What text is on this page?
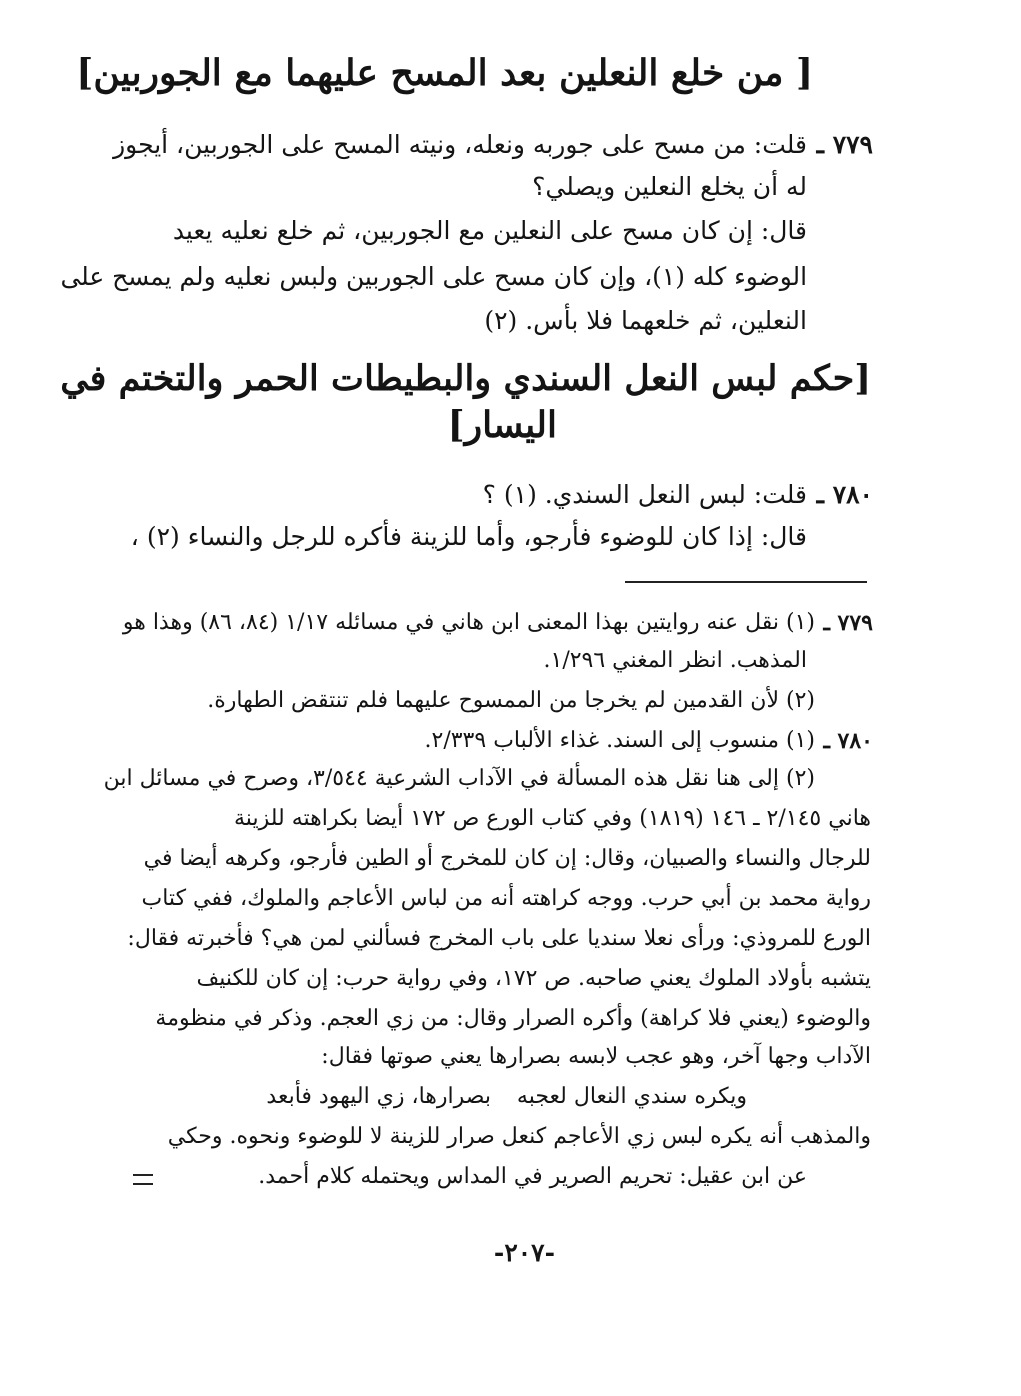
[ من خلع النعلين بعد المسح عليهما مع الجوربين]
٧٧٩ ـ
قلت: من مسح على جوربه ونعله، ونيته المسح على الجوربين، أيجوز
له أن يخلع النعلين ويصلي؟
قال: إن كان مسح على النعلين مع الجوربين، ثم خلع نعليه يعيد
الوضوء كله (١)، وإن كان مسح على الجوربين ولبس نعليه ولم يمسح على
النعلين، ثم خلعهما فلا بأس. (٢)
[حكم لبس النعل السندي والبطيطات الحمر والتختم في
اليسار]
٧٨٠ ـ
قلت: لبس النعل السندي. (١) ؟
قال: إذا كان للوضوء فأرجو، وأما للزينة فأكره للرجل والنساء (٢) ،
٧٧٩ ـ
(١) نقل عنه روايتين بهذا المعنى ابن هاني في مسائله ١/١٧ (٨٤، ٨٦) وهذا هو
المذهب. انظر المغني ١/٢٩٦.
(٢) لأن القدمين لم يخرجا من الممسوح عليهما فلم تنتقض الطهارة.
٧٨٠ ـ
(١) منسوب إلى السند. غذاء الألباب ٢/٣٣٩.
(٢) إلى هنا نقل هذه المسألة في الآداب الشرعية ٣/٥٤٤، وصرح في مسائل ابن
هاني ٢/١٤٥ ـ ١٤٦ (١٨١٩) وفي كتاب الورع ص ١٧٢ أيضا بكراهته للزينة
للرجال والنساء والصبيان، وقال: إن كان للمخرج أو الطين فأرجو، وكرهه أيضا في
رواية محمد بن أبي حرب. ووجه كراهته أنه من لباس الأعاجم والملوك، ففي كتاب
الورع للمروذي: ورأى نعلا سنديا على باب المخرج فسألني لمن هي؟ فأخبرته فقال:
يتشبه بأولاد الملوك يعني صاحبه. ص ١٧٢، وفي رواية حرب: إن كان للكنيف
والوضوء (يعني فلا كراهة) وأكره الصرار وقال: من زي العجم. وذكر في منظومة
الآداب وجها آخر، وهو عجب لابسه بصرارها يعني صوتها فقال:
ويكره سندي النعال لعجبه
بصرارها، زي اليهود فأبعد
والمذهب أنه يكره لبس زي الأعاجم كنعل صرار للزينة لا للوضوء ونحوه. وحكي
عن ابن عقيل: تحريم الصرير في المداس ويحتمله كلام أحمد.
-٢٠٧-
